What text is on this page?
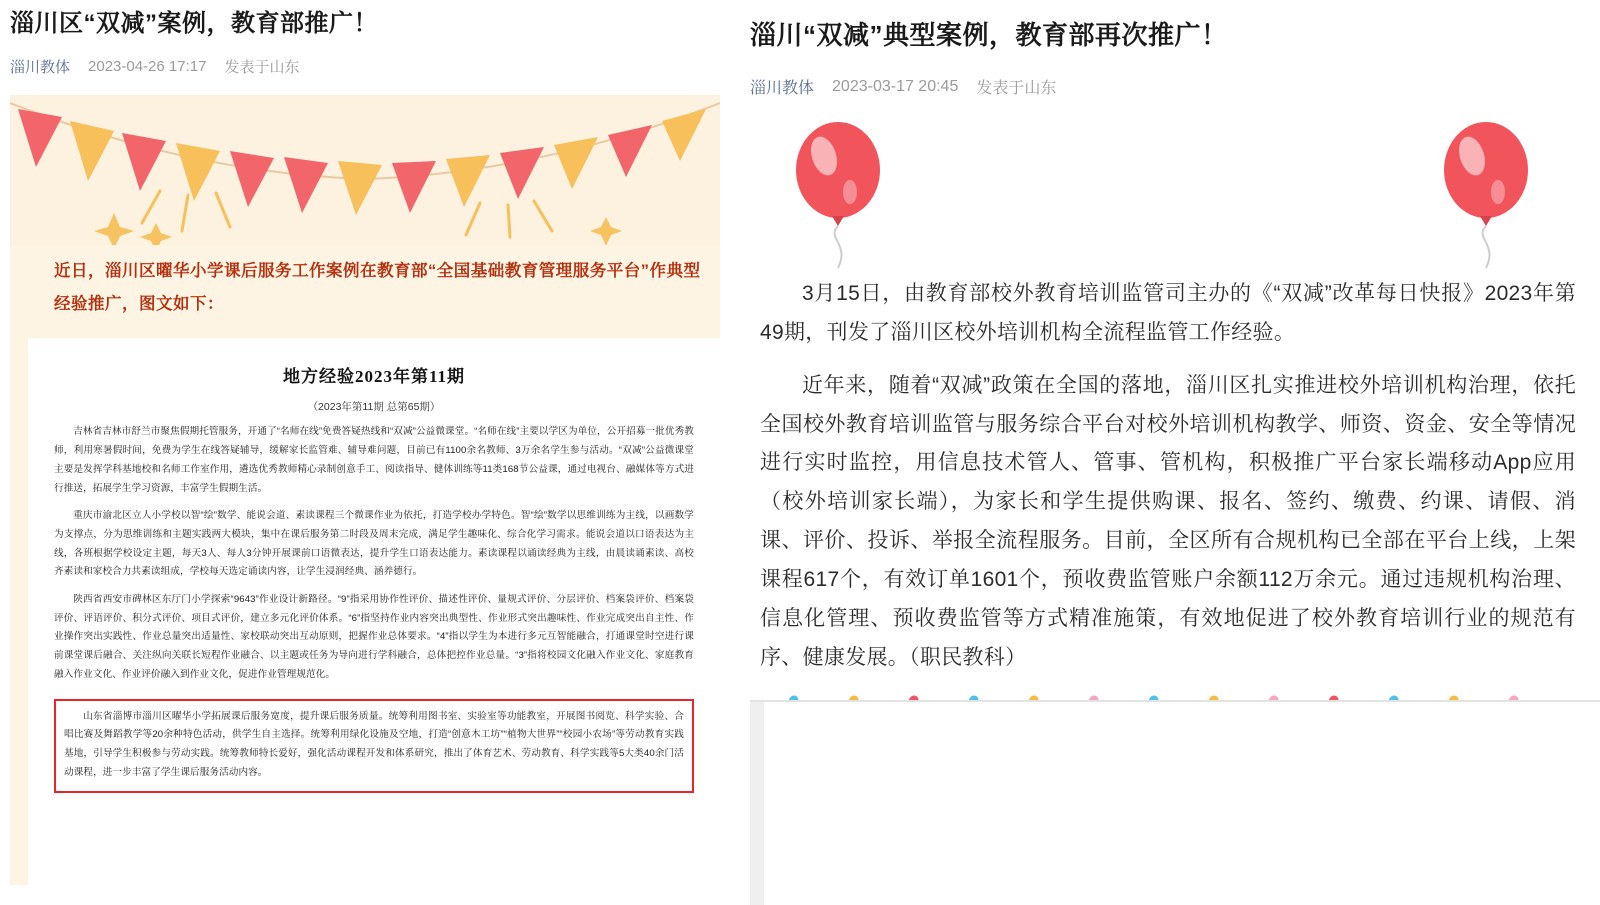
淄川区“双减”案例，教育部推广！
淄川教体 2023-04-26 17:17 发表于山东
近日，淄川区曜华小学课后服务工作案例在教育部“全国基础教育管理服务平台”作典型经验推广，图文如下：
地方经验2023年第11期
（2023年第11期 总第65期）

吉林省吉林市舒兰市聚焦假期托管服务，开通了“名师在线”免费答疑热线和“双减”公益微课堂。“名师在线”主要以学区为单位，公开招募一批优秀教师，利用寒暑假时间，免费为学生在线答疑辅导，缓解家长监管难、辅导难问题，目前已有1100余名教师、3万余名学生参与活动。“双减”公益微课堂主要是发挥学科基地校和名师工作室作用，遴选优秀教师精心录制创意手工、阅读指导、健体训练等11类168节公益课，通过电视台、融媒体等方式进行推送，拓展学生学习资源，丰富学生假期生活。

重庆市渝北区立人小学校以智“绘”数学、能说会道、素读课程三个微课作业为依托，打造学校办学特色。智“绘”数学以思维训练为主线，以画数学为支撑点，分为思维训练和主题实践两大模块，集中在课后服务第二时段及周末完成，满足学生趣味化、综合化学习需求。能说会道以口语表达为主线，各班根据学校设定主题，每天3人、每人3分钟开展课前口语微表达，提升学生口语表达能力。素读课程以诵读经典为主线，由晨读诵素读、高校齐素读和家校合力共素读组成，学校每天选定诵读内容，让学生浸润经典、涵养德行。

陕西省西安市碑林区东厅门小学探索“9643”作业设计新路径。“9”指采用协作性评价、描述性评价、量规式评价、分层评价、档案袋评价、档案袋评价、评语评价、积分式评价、项目式评价，建立多元化评价体系。“6”指坚持作业内容突出典型性、作业形式突出趣味性、作业完成突出自主性、作业操作突出实践性、作业总量突出适量性、家校联动突出互动原则，把握作业总体要求。“4”指以学生为本进行多元互智能融合，打通课堂时空进行课前课堂课后融合、关注纵向关联长短程作业融合、以主题或任务为导向进行学科融合，总体把控作业总量。“3”指将校园文化融入作业文化、家庭教育融入作业文化、作业评价融入到作业文化，促进作业管理规范化。

山东省淄博市淄川区曜华小学拓展课后服务宽度，提升课后服务质量。统筹利用图书室、实验室等功能教室，开展图书阅览、科学实验、合唱比赛及舞蹈教学等20余种特色活动，供学生自主选择。统筹利用绿化设施及空地，打造“创意木工坊”“植物大世界”“校园小农场”等劳动教育实践基地，引导学生积极参与劳动实践。统筹教师特长爱好，强化活动课程开发和体系研究，推出了体育艺术、劳动教育、科学实践等5大类40余门活动课程，进一步丰富了学生课后服务活动内容。

淄川“双减”典型案例，教育部再次推广！
淄川教体 2023-03-17 20:45 发表于山东

3月15日，由教育部校外教育培训监管司主办的《“双减”改革每日快报》2023年第49期，刊发了淄川区校外培训机构全流程监管工作经验。

近年来，随着“双减”政策在全国的落地，淄川区扎实推进校外培训机构治理，依托全国校外教育培训监管与服务综合平台对校外培训机构教学、师资、资金、安全等情况进行实时监控，用信息技术管人、管事、管机构，积极推广平台家长端移动App应用（校外培训家长端），为家长和学生提供购课、报名、签约、缴费、约课、请假、消课、评价、投诉、举报全流程服务。目前，全区所有合规机构已全部在平台上线，上架课程617个，有效订单1601个，预收费监管账户余额112万余元。通过违规机构治理、信息化管理、预收费监管等方式精准施策，有效地促进了校外教育培训行业的规范有序、健康发展。（职民教科）
